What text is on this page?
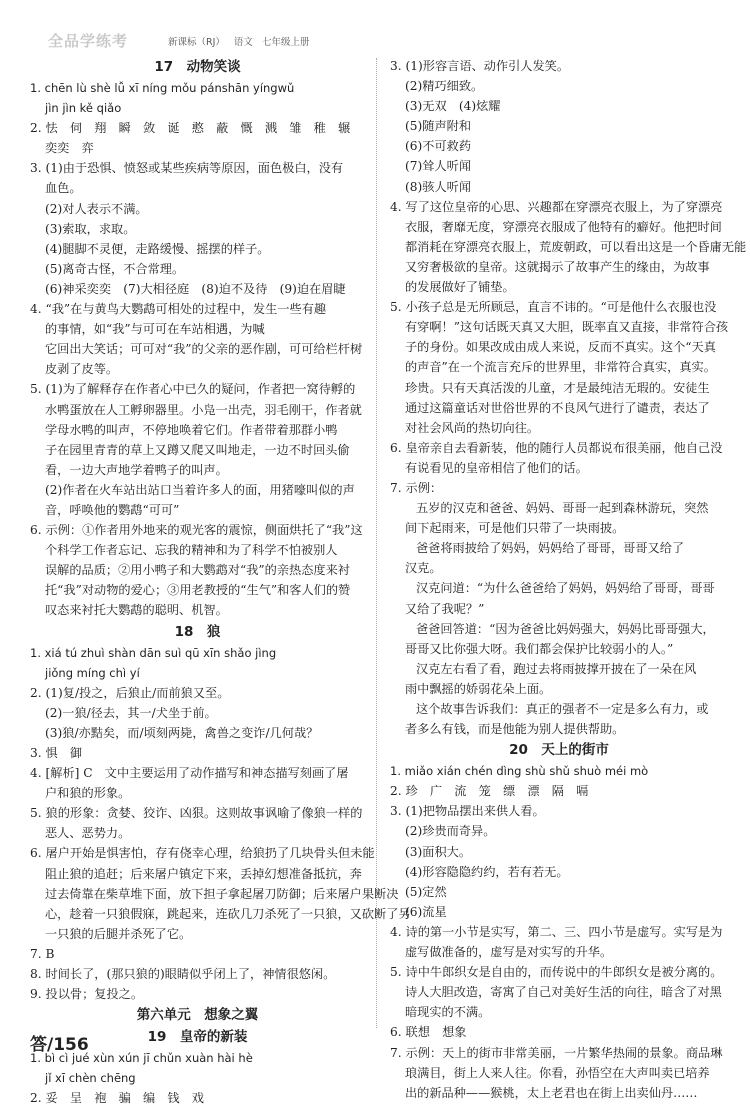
全品学练考	新课标（RJ） 语文 七年级上册
17　动物笑谈
1. chēn lù shè lǚ xī níng mǒu pánshān yíngwǔ
jìn jìn kě qiǎo
2. 怯　伺　翔　瞬　敛　诞　憨　蔽　慨　溅　雏　稚　辗
奕奕　弈
3. (1)由于恐惧、愤怒或某些疾病等原因，面色极白，没有
血色。
(2)对人表示不满。
(3)索取，求取。
(4)腿脚不灵便，走路缓慢、摇摆的样子。
(5)离奇古怪，不合常理。
(6)神采奕奕　(7)大相径庭　(8)迫不及待　(9)迫在眉睫
4. “我”在与黄鸟大鹦鹉可相处的过程中，发生一些有趣
的事情，如“我”与可可在车站相遇，为喊
它回出大笑话；可可对“我”的父亲的恶作剧，可可给栏杆树
皮剥了皮等。
5. (1)为了解释存在作者心中已久的疑问，作者把一窝待孵的
水鸭蛋放在人工孵卵器里。小凫一出壳，羽毛刚干，作者就
学母水鸭的叫声，不停地唤着它们。作者带着那群小鸭
子在园里青青的草上又蹲又爬又叫地走，一边不时回头偷
看，一边大声地学着鸭子的叫声。
(2)作者在火车站出站口当着许多人的面，用猪嚎叫似的声
音，呼唤他的鹦鹉“可可”
6. 示例：①作者用外地来的观光客的震惊，侧面烘托了“我”这
个科学工作者忘记、忘我的精神和为了科学不怕被别人
误解的品质；②用小鸭子和大鹦鹉对“我”的亲热态度来衬
托“我”对动物的爱心；③用老教授的“生气”和客人们的赞
叹态来衬托大鹦鹉的聪明、机智。
18　狼
1. xiá tú zhuì shàn dān suì qū xīn shǎo jìng
jiǒng míng chì yí
2. (1)复/投之，后狼止/而前狼又至。
(2)一狼/径去，其一/犬坐于前。
(3)狼/亦黠矣，而/顷刻两毙，禽兽之变诈/几何哉？
3. 惧　御
4. [解析] C　文中主要运用了动作描写和神态描写刻画了屠
户和狼的形象。
5. 狼的形象：贪婪、狡诈、凶狠。这则故事讽喻了像狼一样的
恶人、恶势力。
6. 屠户开始是惧害怕，存有侥幸心理，给狼扔了几块骨头但未能
阻止狼的追赶；后来屠户镇定下来，丢掉幻想准备抵抗，奔
过去倚靠在柴草堆下面，放下担子拿起屠刀防御；后来屠户果断决
心，趁着一只狼假寐，跳起来，连砍几刀杀死了一只狼，又砍断了另
一只狼的后腿并杀死了它。
7. B
8. 时间长了，(那只狼的)眼睛似乎闭上了，神情很悠闲。
9. 投以骨；复投之。
第六单元　想象之翼
19　皇帝的新装
1. bì cì jué xùn xún jī chǔn xuàn hài hè
jǐ xī chèn chēng
2. 妥　呈　袍　骗　编　钱　戏
3. (1)形容言语、动作引人发笑。
(2)精巧细致。
(3)无双　(4)炫耀
(5)随声附和
(6)不可救药
(7)耸人听闻
(8)骇人听闻
4. 写了这位皇帝的心思、兴趣都在穿漂亮衣服上，为了穿漂亮
衣服，奢靡无度，穿漂亮衣服成了他特有的癖好。他把时间
都消耗在穿漂亮衣服上，荒废朝政，可以看出这是一个昏庸无能
又穷奢极欲的皇帝。这就揭示了故事产生的缘由，为故事
的发展做好了铺垫。
5. 小孩子总是无所顾忌，直言不讳的。“可是他什么衣服也没
有穿啊！”这句话既天真又大胆，既率直又直接，非常符合孩
子的身份。如果改成由成人来说，反而不真实。这个“天真
的声音”在一个流言充斥的世界里，非常符合真实，真实。
珍贵。只有天真活泼的儿童，才是最纯洁无瑕的。安徒生
通过这篇童话对世俗世界的不良风气进行了谴责，表达了
对社会风尚的热切向往。
6. 皇帝亲自去看新装，他的随行人员都说布很美丽，他自己没
有说看见的皇帝相信了他们的话。
7. 示例：
五岁的汉克和爸爸、妈妈、哥哥一起到森林游玩，突然
间下起雨来，可是他们只带了一块雨披。
爸爸将雨披给了妈妈，妈妈给了哥哥，哥哥又给了
汉克。
汉克问道：“为什么爸爸给了妈妈，妈妈给了哥哥，哥哥
又给了我呢？”
爸爸回答道：“因为爸爸比妈妈强大，妈妈比哥哥强大，
哥哥又比你强大呀。我们都会保护比较弱小的人。”
汉克左右看了看，跑过去将雨披撑开披在了一朵在风
雨中飘摇的娇弱花朵上面。
这个故事告诉我们：真正的强者不一定是多么有力，或
者多么有钱，而是他能为别人提供帮助。
20　天上的街市
1. miǎo xián chén dìng shù shǔ shuò méi mò
2. 珍　广　流　笼　缥　漂　隔　嗝
3. (1)把物品摆出来供人看。
(2)珍贵而奇异。
(3)面积大。
(4)形容隐隐约约，若有若无。
(5)定然
(6)流星
4. 诗的第一小节是实写，第二、三、四小节是虚写。实写是为
虚写做准备的，虚写是对实写的升华。
5. 诗中牛郎织女是自由的，而传说中的牛郎织女是被分离的。
诗人大胆改造，寄寓了自己对美好生活的向往，暗含了对黑
暗现实的不满。
6. 联想　想象
7. 示例：天上的街市非常美丽，一片繁华热闹的景象。商品琳
琅满目，街上人来人往。你看，孙悟空在大声叫卖已培养
出的新品种——猴桃，太上老君也在街上出卖仙丹……
答/156
